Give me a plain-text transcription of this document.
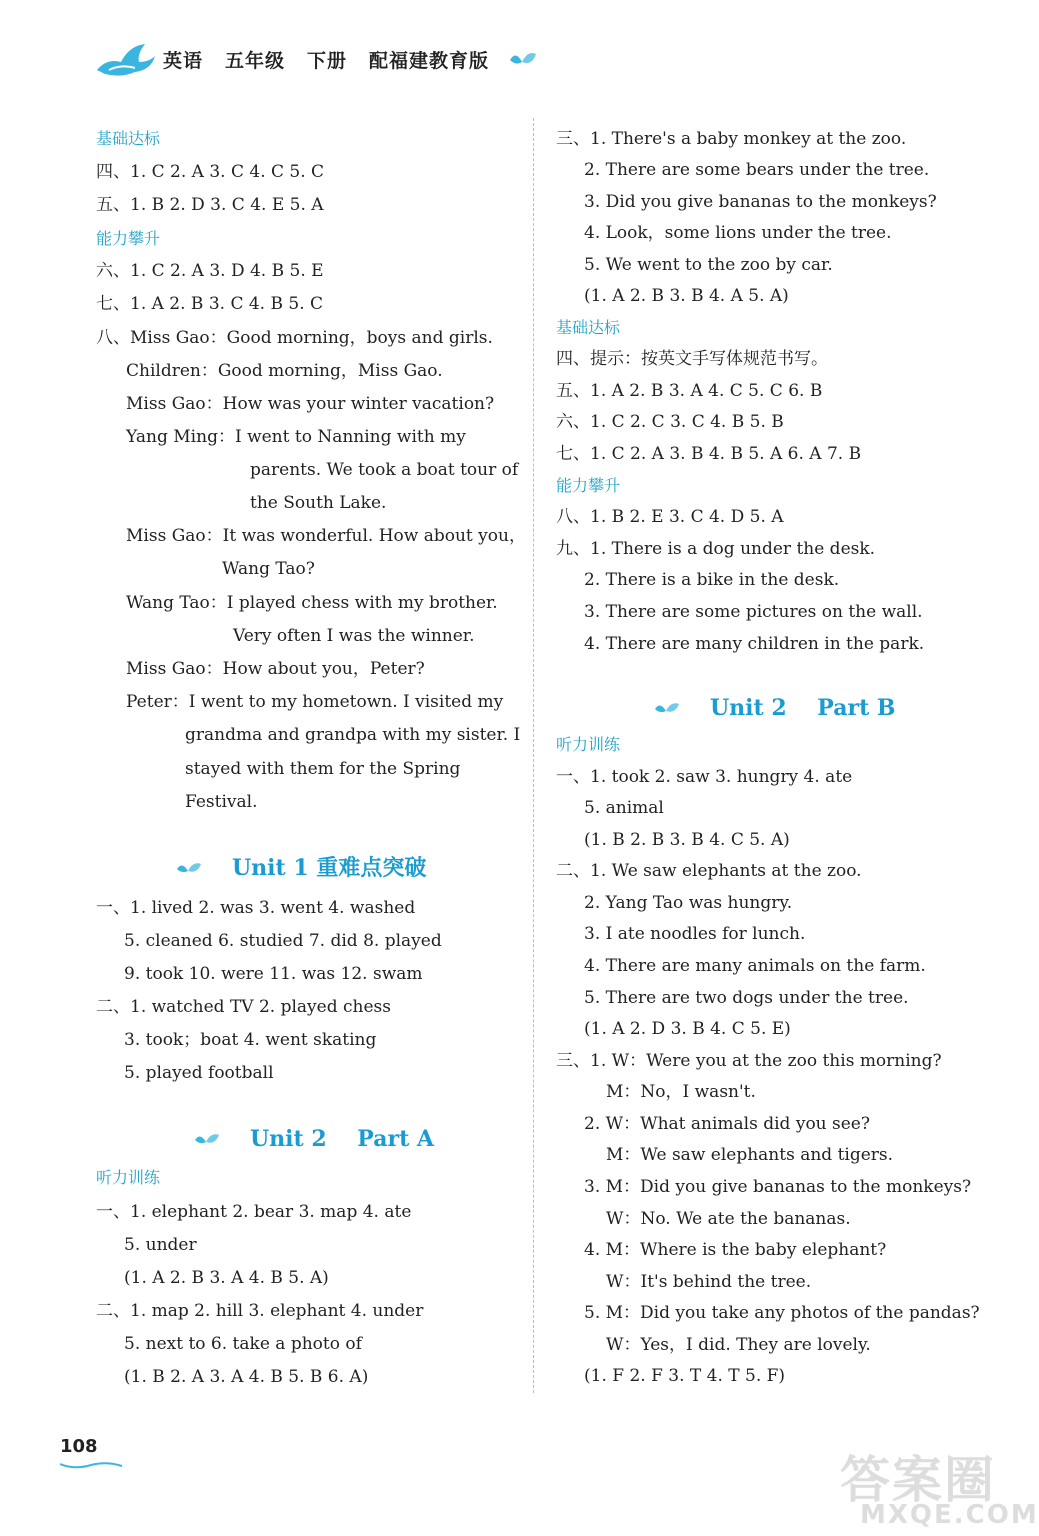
英语 五年级 下册 配福建教育版
基础达标
四、1. C 2. A 3. C 4. C 5. C
五、1. B 2. D 3. C 4. E 5. A
能力攀升
六、1. C 2. A 3. D 4. B 5. E
七、1. A 2. B 3. C 4. B 5. C
八、Miss Gao：Good morning，boys and girls.
Children：Good morning，Miss Gao.
Miss Gao：How was your winter vacation?
Yang Ming：I went to Nanning with my
parents. We took a boat tour of
the South Lake.
Miss Gao：It was wonderful. How about you，
Wang Tao?
Wang Tao：I played chess with my brother.
Very often I was the winner.
Miss Gao：How about you，Peter?
Peter：I went to my hometown. I visited my
grandma and grandpa with my sister. I
stayed with them for the Spring
Festival.
Unit 1 重难点突破
一、1. lived 2. was 3. went 4. washed
5. cleaned 6. studied 7. did 8. played
9. took 10. were 11. was 12. swam
二、1. watched TV 2. played chess
3. took；boat 4. went skating
5. played football
Unit 2    Part A
听力训练
一、1. elephant 2. bear 3. map 4. ate
5. under
(1. A 2. B 3. A 4. B 5. A)
二、1. map 2. hill 3. elephant 4. under
5. next to 6. take a photo of
(1. B 2. A 3. A 4. B 5. B 6. A)
三、1. There's a baby monkey at the zoo.
2. There are some bears under the tree.
3. Did you give bananas to the monkeys?
4. Look，some lions under the tree.
5. We went to the zoo by car.
(1. A 2. B 3. B 4. A 5. A)
基础达标
四、提示：按英文手写体规范书写。
五、1. A 2. B 3. A 4. C 5. C 6. B
六、1. C 2. C 3. C 4. B 5. B
七、1. C 2. A 3. B 4. B 5. A 6. A 7. B
能力攀升
八、1. B 2. E 3. C 4. D 5. A
九、1. There is a dog under the desk.
2. There is a bike in the desk.
3. There are some pictures on the wall.
4. There are many children in the park.
Unit 2    Part B
听力训练
一、1. took 2. saw 3. hungry 4. ate
5. animal
(1. B 2. B 3. B 4. C 5. A)
二、1. We saw elephants at the zoo.
2. Yang Tao was hungry.
3. I ate noodles for lunch.
4. There are many animals on the farm.
5. There are two dogs under the tree.
(1. A 2. D 3. B 4. C 5. E)
三、1. W：Were you at the zoo this morning?
M：No，I wasn't.
2. W：What animals did you see?
M：We saw elephants and tigers.
3. M：Did you give bananas to the monkeys?
W：No. We ate the bananas.
4. M：Where is the baby elephant?
W：It's behind the tree.
5. M：Did you take any photos of the pandas?
W：Yes，I did. They are lovely.
(1. F 2. F 3. T 4. T 5. F)
108
答案圈
MXQE.COM
